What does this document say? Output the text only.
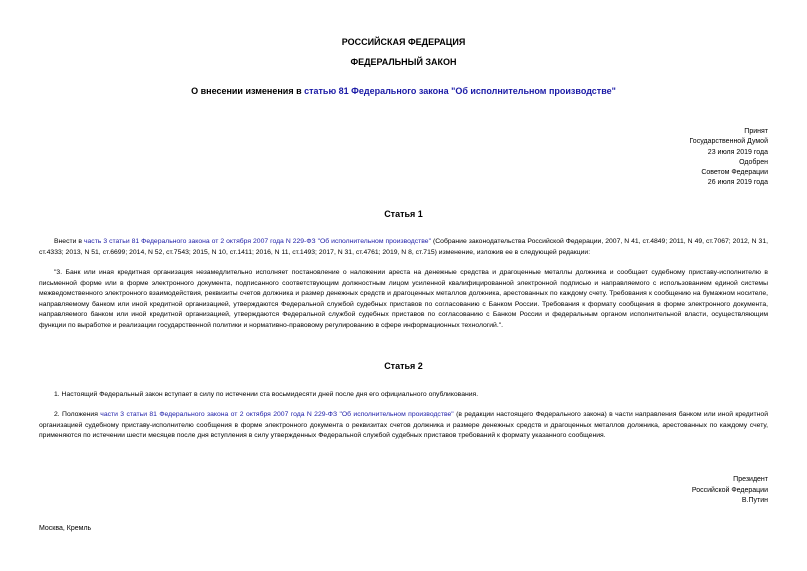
РОССИЙСКАЯ ФЕДЕРАЦИЯ
ФЕДЕРАЛЬНЫЙ ЗАКОН
О внесении изменения в статью 81 Федерального закона "Об исполнительном производстве"
Принят
Государственной Думой
23 июля 2019 года
Одобрен
Советом Федерации
26 июля 2019 года
Статья 1
Внести в часть 3 статьи 81 Федерального закона от 2 октября 2007 года N 229-ФЗ "Об исполнительном производстве" (Собрание законодательства Российской Федерации, 2007, N 41, ст.4849; 2011, N 49, ст.7067; 2012, N 31, ст.4333; 2013, N 51, ст.6699; 2014, N 52, ст.7543; 2015, N 10, ст.1411; 2016, N 11, ст.1493; 2017, N 31, ст.4761; 2019, N 8, ст.715) изменение, изложив ее в следующей редакции:
"3. Банк или иная кредитная организация незамедлительно исполняет постановление о наложении ареста на денежные средства и драгоценные металлы должника и сообщает судебному приставу-исполнителю в письменной форме или в форме электронного документа, подписанного соответствующим должностным лицом усиленной квалифицированной электронной подписью и направляемого с использованием единой системы межведомственного электронного взаимодействия, реквизиты счетов должника и размер денежных средств и драгоценных металлов должника, арестованных по каждому счету. Требования к сообщению на бумажном носителе, направляемому банком или иной кредитной организацией, утверждаются Федеральной службой судебных приставов по согласованию с Банком России. Требования к формату сообщения в форме электронного документа, направляемого банком или иной кредитной организацией, утверждаются Федеральной службой судебных приставов по согласованию с Банком России и федеральным органом исполнительной власти, осуществляющим функции по выработке и реализации государственной политики и нормативно-правовому регулированию в сфере информационных технологий.".
Статья 2
1. Настоящий Федеральный закон вступает в силу по истечении ста восьмидесяти дней после дня его официального опубликования.
2. Положения части 3 статьи 81 Федерального закона от 2 октября 2007 года N 229-ФЗ "Об исполнительном производстве" (в редакции настоящего Федерального закона) в части направления банком или иной кредитной организацией судебному приставу-исполнителю сообщения в форме электронного документа о реквизитах счетов должника и размере денежных средств и драгоценных металлов должника, арестованных по каждому счету, применяются по истечении шести месяцев после дня вступления в силу утвержденных Федеральной службой судебных приставов требований к формату указанного сообщения.
Президент
Российской Федерации
В.Путин
Москва, Кремль
